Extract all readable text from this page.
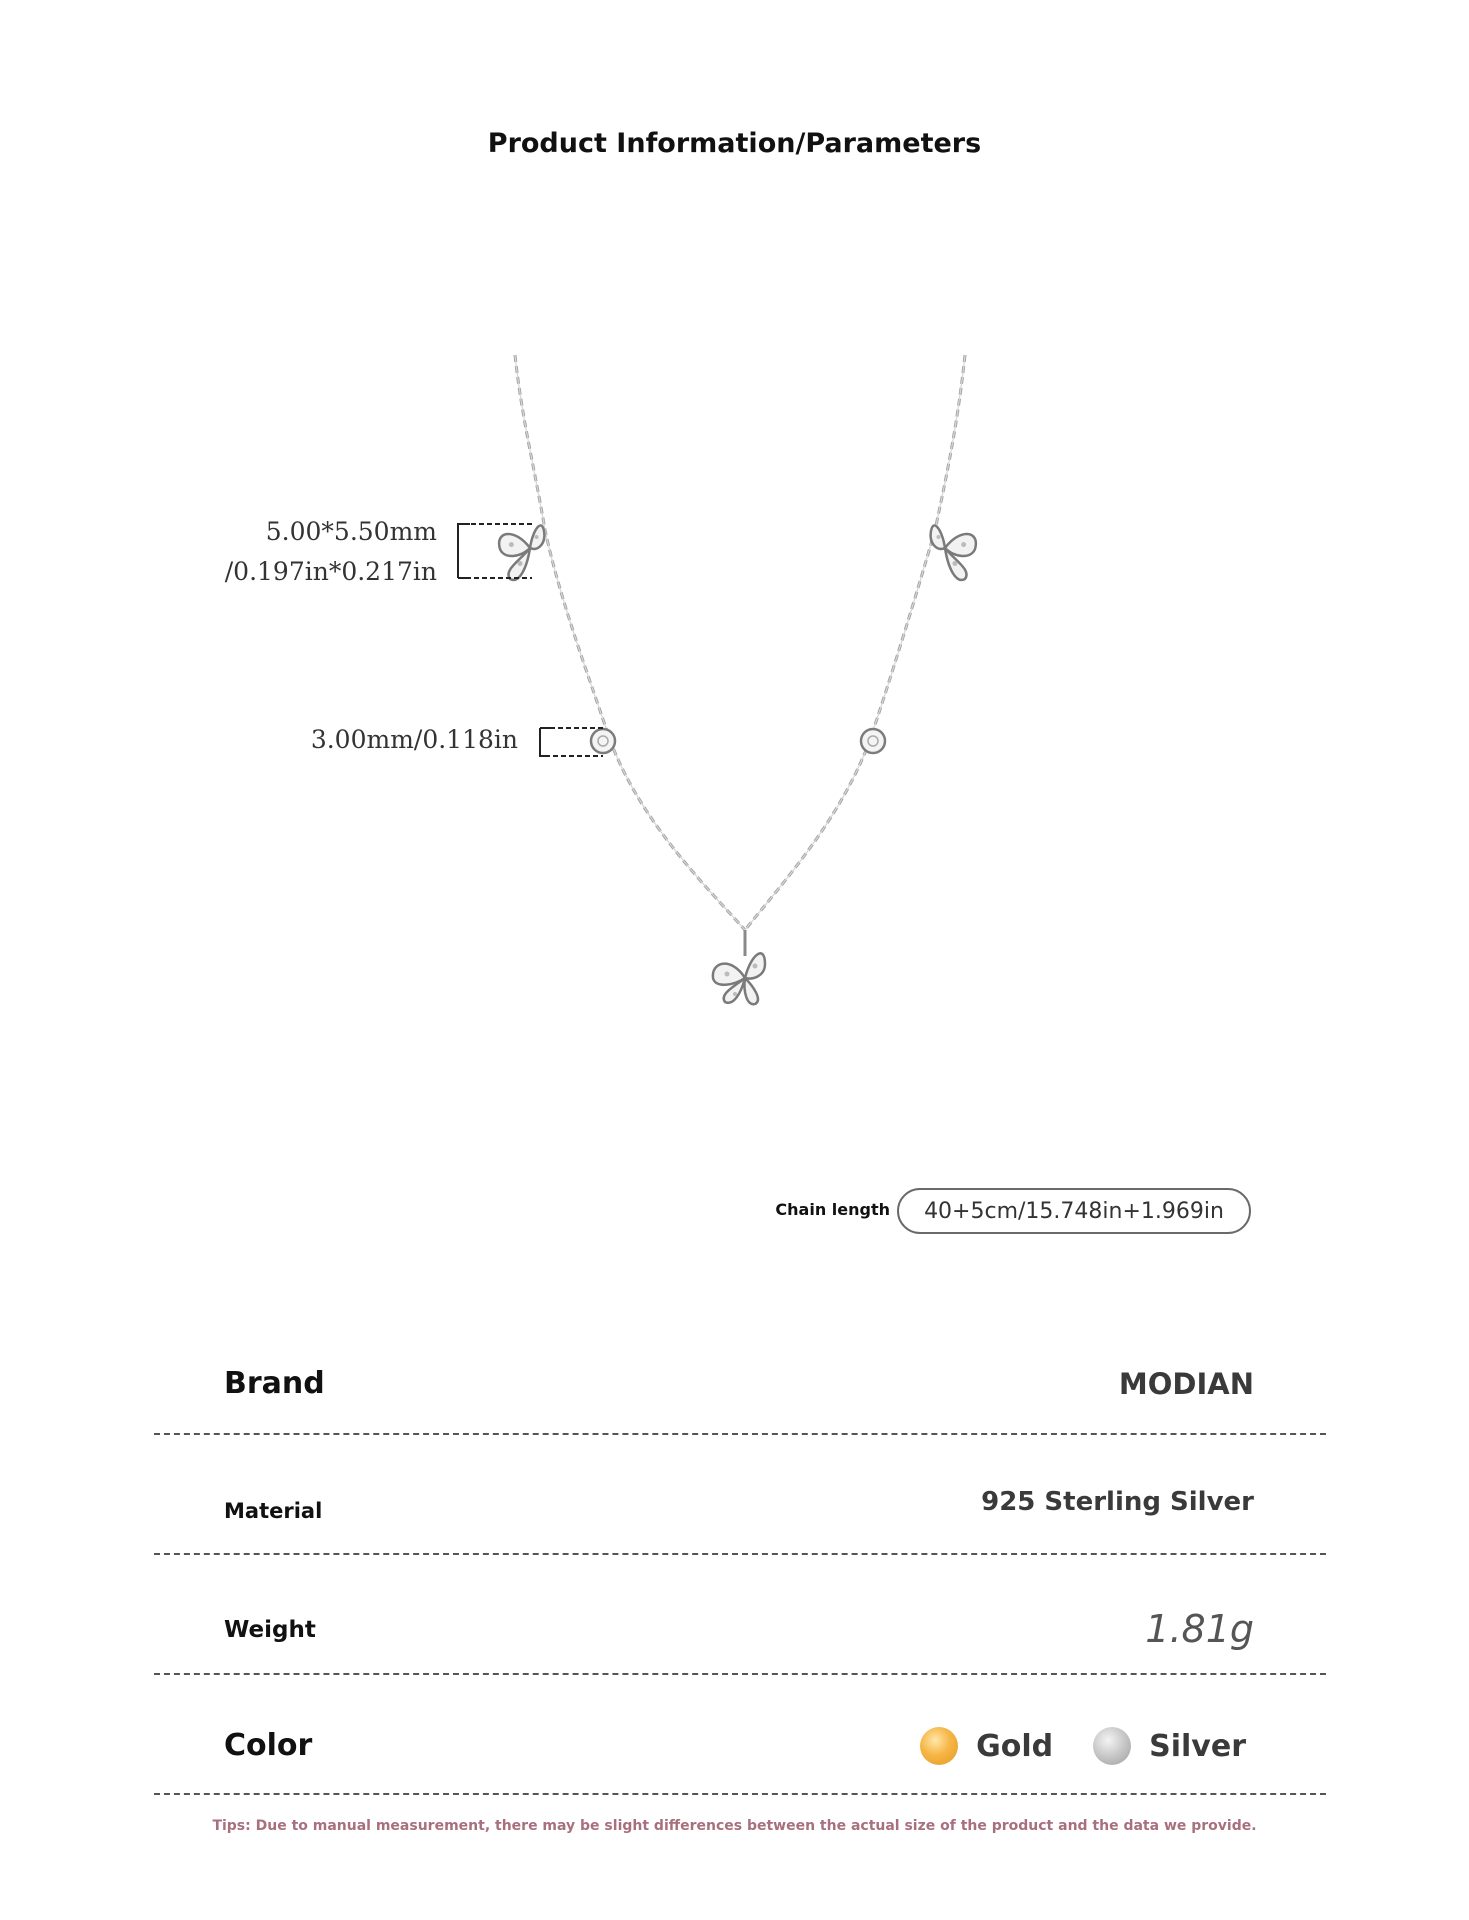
Product Information/Parameters
5.00*5.50mm
/0.197in*0.217in
3.00mm/0.118in
Chain length	40+5cm/15.748in+1.969in
Brand	MODIAN
Material	925 Sterling Silver
Weight	1.81g
Color	Gold	Silver
Tips: Due to manual measurement, there may be slight differences between the actual size of the product and the data we provide.
